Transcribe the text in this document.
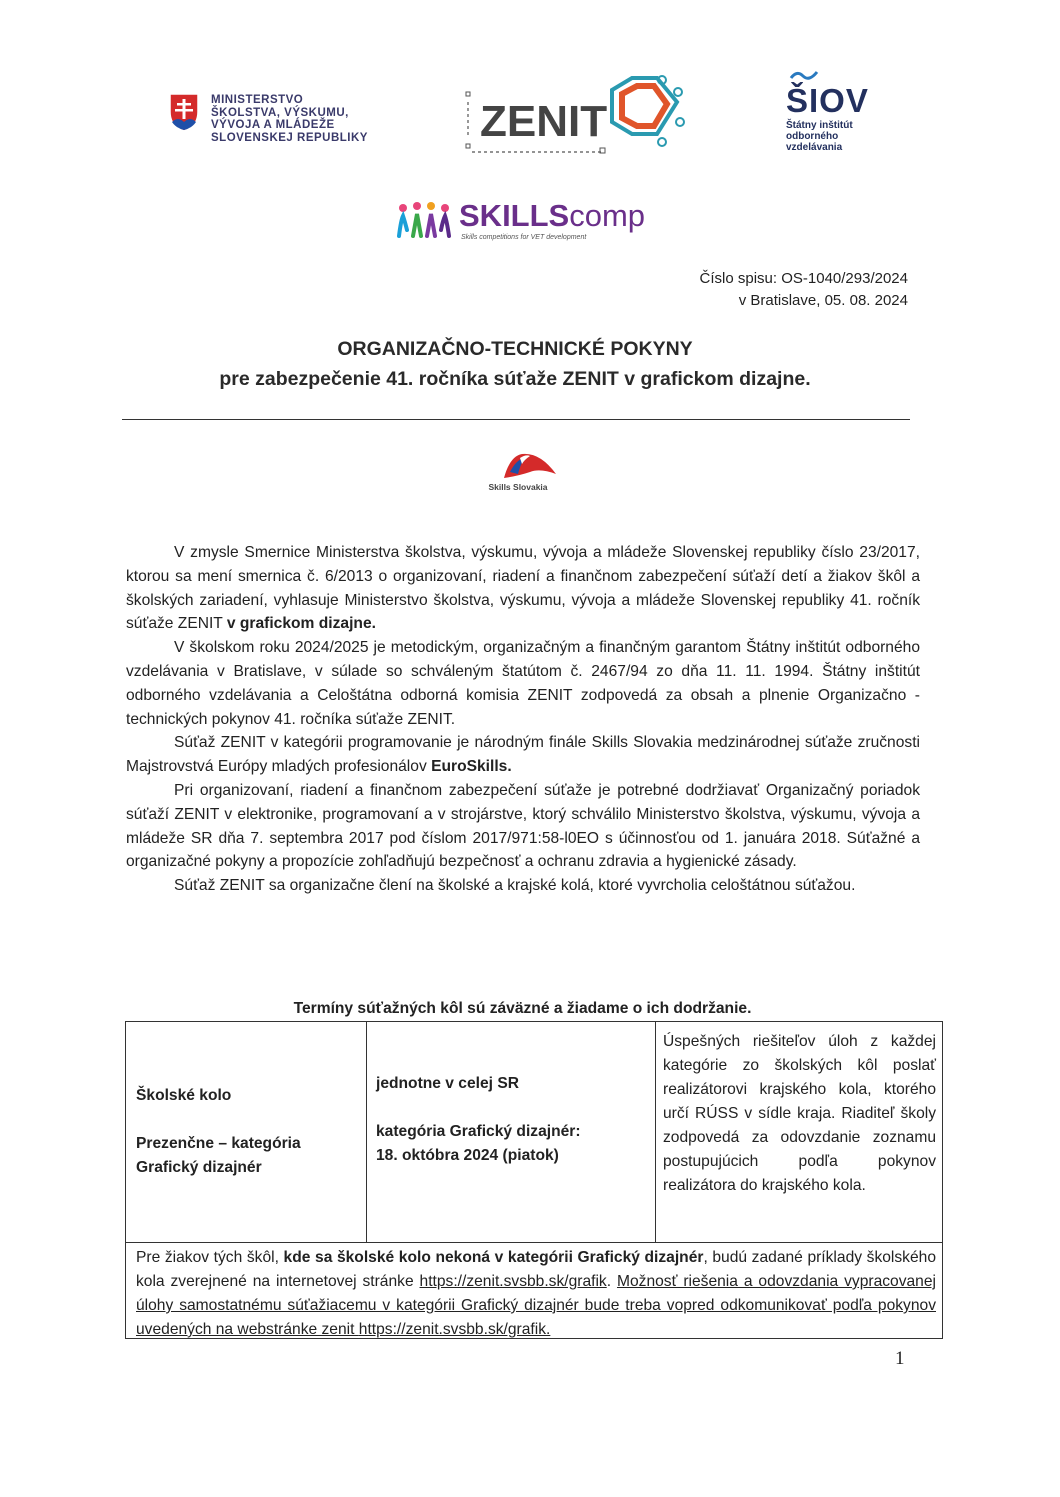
MINISTERSTVO
ŠKOLSTVA, VÝSKUMU,
VÝVOJA A MLÁDEŽE
SLOVENSKEJ REPUBLIKY	ZENIT	ŠIOV
Štátny inštitút
odborného
vzdelávania
SKILLScomp
Skills competitions for VET development
Číslo spisu: OS-1040/293/2024
v Bratislave, 05. 08. 2024
ORGANIZAČNO-TECHNICKÉ POKYNY
pre zabezpečenie 41. ročníka súťaže ZENIT v grafickom dizajne.
Skills Slovakia

V zmysle Smernice Ministerstva školstva, výskumu, vývoja a mládeže Slovenskej republiky číslo 23/2017, ktorou sa mení smernica č. 6/2013 o organizovaní, riadení a finančnom zabezpečení súťaží detí a žiakov škôl a školských zariadení, vyhlasuje Ministerstvo školstva, výskumu, vývoja a mládeže Slovenskej republiky 41. ročník súťaže ZENIT v grafickom dizajne.

V školskom roku 2024/2025 je metodickým, organizačným a finančným garantom Štátny inštitút odborného vzdelávania v Bratislave, v súlade so schváleným štatútom č. 2467/94 zo dňa 11. 11. 1994. Štátny inštitút odborného vzdelávania a Celoštátna odborná komisia ZENIT zodpovedá za obsah a plnenie Organizačno - technických pokynov 41. ročníka súťaže ZENIT.

Súťaž ZENIT v kategórii programovanie je národným finále Skills Slovakia medzinárodnej súťaže zručnosti Majstrovstvá Európy mladých profesionálov EuroSkills.

Pri organizovaní, riadení a finančnom zabezpečení súťaže je potrebné dodržiavať Organizačný poriadok súťaží ZENIT v elektronike, programovaní a v strojárstve, ktorý schválilo Ministerstvo školstva, výskumu, vývoja a mládeže SR dňa 7. septembra 2017 pod číslom 2017/971:58-l0EO s účinnosťou od 1. januára 2018. Súťažné a organizačné pokyny a propozície zohľadňujú bezpečnosť a ochranu zdravia a hygienické zásady.

Súťaž ZENIT sa organizačne člení na školské a krajské kolá, ktoré vyvrcholia celoštátnou súťažou.

Termíny súťažných kôl sú záväzné a žiadame o ich dodržanie.
Školské kolo
Prezenčne – kategória Grafický dizajnér
jednotne v celej SR
kategória Grafický dizajnér:
18. októbra 2024 (piatok)
Úspešných riešiteľov úloh z každej kategórie zo školských kôl poslať realizátorovi krajského kola, ktorého určí RÚSS v sídle kraja. Riaditeľ školy zodpovedá za odovzdanie zoznamu postupujúcich podľa pokynov realizátora do krajského kola.
Pre žiakov tých škôl, kde sa školské kolo nekoná v kategórii Grafický dizajnér, budú zadané príklady školského kola zverejnené na internetovej stránke https://zenit.svsbb.sk/grafik. Možnosť riešenia a odovzdania vypracovanej úlohy samostatnému súťažiacemu v kategórii Grafický dizajnér bude treba vopred odkomunikovať podľa pokynov uvedených na webstránke zenit https://zenit.svsbb.sk/grafik.
1
